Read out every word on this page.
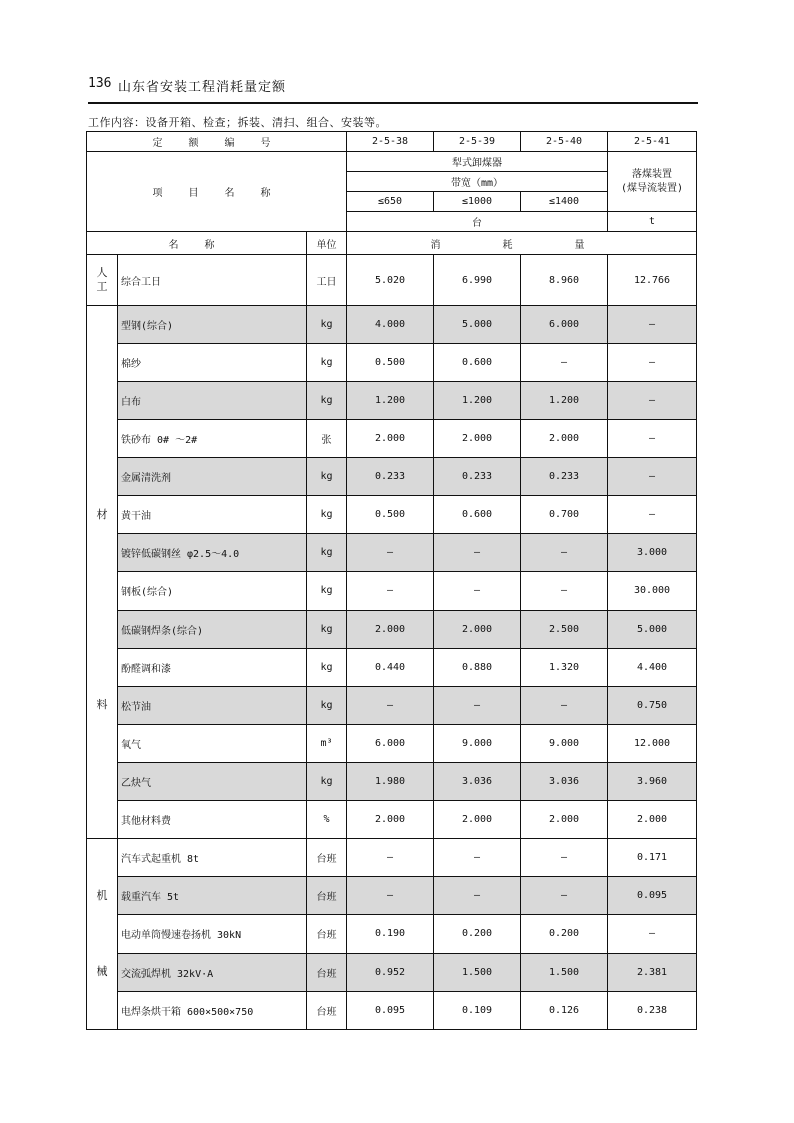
136 山东省安装工程消耗量定额
工作内容：设备开箱、检查；拆装、清扫、组合、安装等。
定 额 编 号			2-5-38	2-5-39	2-5-40	2-5-41
项 目 名 称			犁式卸煤器			落煤装置
(煤导流装置)
			带宽（mm）			
			≤650	≤1000	≤1400	
			台			t
名 称		单位	消 耗 量			
人
工	综合工日	工日	5.020	6.990	8.960	12.766

材
料	型钢(综合)	kg	4.000	5.000	6.000	—
	棉纱	kg	0.500	0.600	—	—
	白布	kg	1.200	1.200	1.200	—
	铁砂布 0# ～2#	张	2.000	2.000	2.000	—
	金属清洗剂	kg	0.233	0.233	0.233	—
	黄干油	kg	0.500	0.600	0.700	—
	镀锌低碳钢丝 φ2.5～4.0	kg	—	—	—	3.000
	钢板(综合)	kg	—	—	—	30.000
	低碳钢焊条(综合)	kg	2.000	2.000	2.500	5.000
	酚醛调和漆	kg	0.440	0.880	1.320	4.400
	松节油	kg	—	—	—	0.750
	氧气	m³	6.000	9.000	9.000	12.000
	乙炔气	kg	1.980	3.036	3.036	3.960
	其他材料费	%	2.000	2.000	2.000	2.000

机
械	汽车式起重机 8t	台班	—	—	—	0.171
	载重汽车 5t	台班	—	—	—	0.095
	电动单筒慢速卷扬机 30kN	台班	0.190	0.200	0.200	—
	交流弧焊机 32kV·A	台班	0.952	1.500	1.500	2.381
	电焊条烘干箱 600×500×750	台班	0.095	0.109	0.126	0.238
